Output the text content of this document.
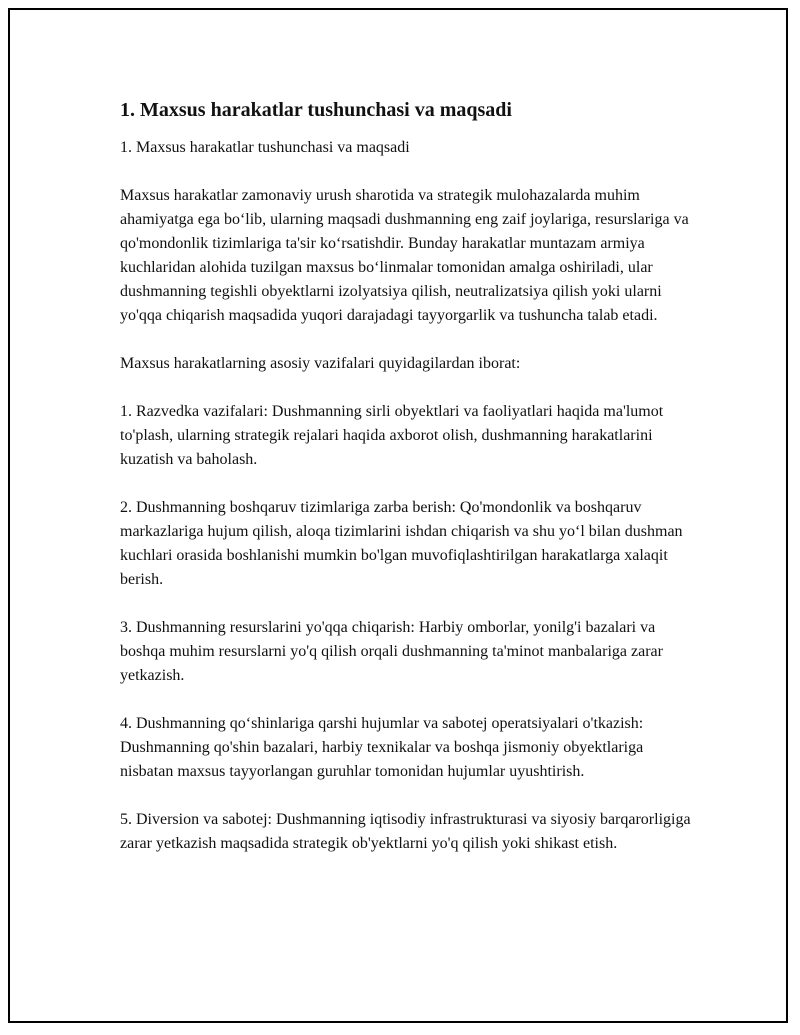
1. Maxsus harakatlar tushunchasi va maqsadi

1. Maxsus harakatlar tushunchasi va maqsadi

Maxsus harakatlar zamonaviy urush sharotida va strategik mulohazalarda muhim ahamiyatga ega bo‘lib, ularning maqsadi dushmanning eng zaif joylariga, resurslariga va qo'mondonlik tizimlariga ta'sir ko‘rsatishdir. Bunday harakatlar muntazam armiya kuchlaridan alohida tuzilgan maxsus bo‘linmalar tomonidan amalga oshiriladi, ular dushmanning tegishli obyektlarni izolyatsiya qilish, neutralizatsiya qilish yoki ularni yo'qqa chiqarish maqsadida yuqori darajadagi tayyorgarlik va tushuncha talab etadi.

Maxsus harakatlarning asosiy vazifalari quyidagilardan iborat:

1. Razvedka vazifalari: Dushmanning sirli obyektlari va faoliyatlari haqida ma'lumot to'plash, ularning strategik rejalari haqida axborot olish, dushmanning harakatlarini kuzatish va baholash.

2. Dushmanning boshqaruv tizimlariga zarba berish: Qo'mondonlik va boshqaruv markazlariga hujum qilish, aloqa tizimlarini ishdan chiqarish va shu yo‘l bilan dushman kuchlari orasida boshlanishi mumkin bo'lgan muvofiqlashtirilgan harakatlarga xalaqit berish.

3. Dushmanning resurslarini yo'qqa chiqarish: Harbiy omborlar, yonilg'i bazalari va boshqa muhim resurslarni yo'q qilish orqali dushmanning ta'minot manbalariga zarar yetkazish.

4. Dushmanning qo‘shinlariga qarshi hujumlar va sabotej operatsiyalari o'tkazish: Dushmanning qo'shin bazalari, harbiy texnikalar va boshqa jismoniy obyektlariga nisbatan maxsus tayyorlangan guruhlar tomonidan hujumlar uyushtirish.

5. Diversion va sabotej: Dushmanning iqtisodiy infrastrukturasi va siyosiy barqarorligiga zarar yetkazish maqsadida strategik ob'yektlarni yo'q qilish yoki shikast etish.
